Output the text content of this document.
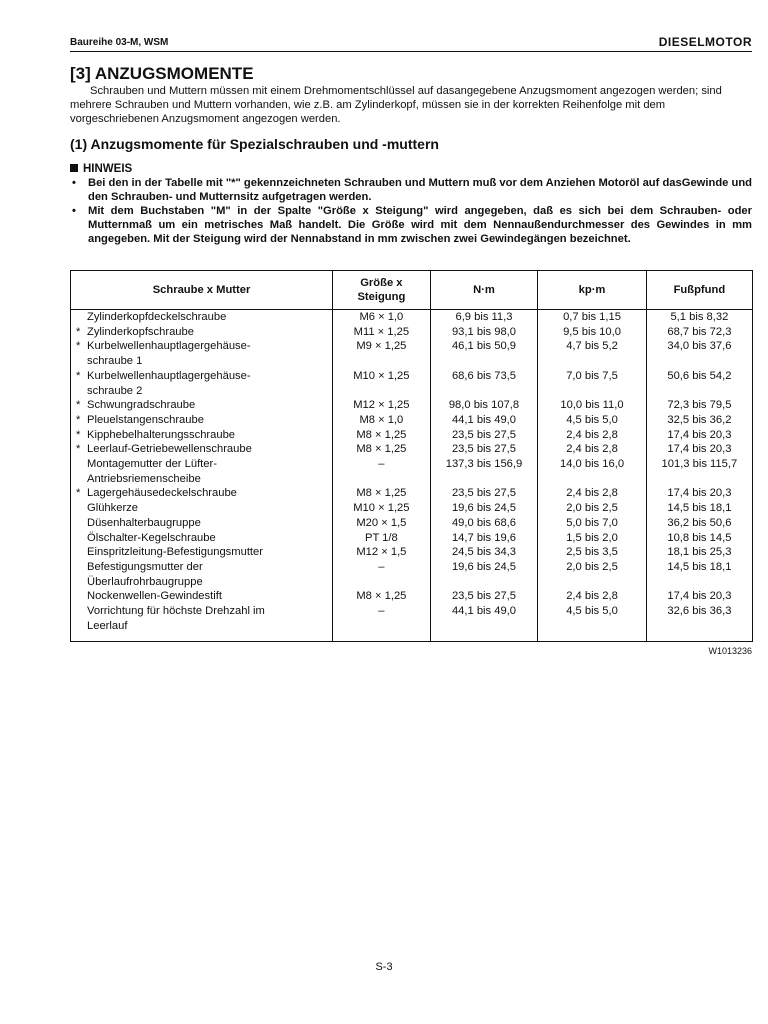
Baureihe 03-M, WSM	DIESELMOTOR
[3] ANZUGSMOMENTE

Schrauben und Muttern müssen mit einem Drehmomentschlüssel auf dasangegebene Anzugsmoment angezogen werden; sind mehrere Schrauben und Muttern vorhanden, wie z.B. am Zylinderkopf, müssen sie in der korrekten Reihenfolge mit dem vorgeschriebenen Anzugsmoment angezogen werden.

(1) Anzugsmomente für Spezialschrauben und -muttern
HINWEIS
• Bei den in der Tabelle mit "*" gekennzeichneten Schrauben und Muttern muß vor dem Anziehen Motoröl auf dasGewinde und den Schrauben- und Mutternsitz aufgetragen werden.
• Mit dem Buchstaben "M" in der Spalte "Größe x Steigung" wird angegeben, daß es sich bei dem Schrauben- oder Mutternmaß um ein metrisches Maß handelt. Die Größe wird mit dem Nennaußendurchmesser des Gewindes in mm angegeben. Mit der Steigung wird der Nennabstand in mm zwischen zwei Gewindegängen bezeichnet.
Schraube x Mutter	Größe x
Steigung	N·m	kp·m	Fußpfund

Zylinderkopfdeckelschraube	M6 × 1,0	6,9 bis 11,3	0,7 bis 1,15	5,1 bis 8,32

* Zylinderkopfschraube	M11 × 1,25	93,1 bis 98,0	9,5 bis 10,0	68,7 bis 72,3

* Kurbelwellenhauptlagergehäuse-
schraube 1	M9 × 1,25	46,1 bis 50,9	4,7 bis 5,2	34,0 bis 37,6

* Kurbelwellenhauptlagergehäuse-
schraube 2	M10 × 1,25	68,6 bis 73,5	7,0 bis 7,5	50,6 bis 54,2

* Schwungradschraube	M12 × 1,25	98,0 bis 107,8	10,0 bis 11,0	72,3 bis 79,5

* Pleuelstangenschraube	M8 × 1,0	44,1 bis 49,0	4,5 bis 5,0	32,5 bis 36,2

* Kipphebelhalterungsschraube	M8 × 1,25	23,5 bis 27,5	2,4 bis 2,8	17,4 bis 20,3

* Leerlauf-Getriebewellenschraube	M8 × 1,25	23,5 bis 27,5	2,4 bis 2,8	17,4 bis 20,3

Montagemutter der Lüfter-
Antriebsriemenscheibe	–	137,3 bis 156,9	14,0 bis 16,0	101,3 bis 115,7

* Lagergehäusedeckelschraube	M8 × 1,25	23,5 bis 27,5	2,4 bis 2,8	17,4 bis 20,3

Glühkerze	M10 × 1,25	19,6 bis 24,5	2,0 bis 2,5	14,5 bis 18,1

Düsenhalterbaugruppe	M20 × 1,5	49,0 bis 68,6	5,0 bis 7,0	36,2 bis 50,6

Ölschalter-Kegelschraube	PT 1/8	14,7 bis 19,6	1,5 bis 2,0	10,8 bis 14,5

Einspritzleitung-Befestigungsmutter	M12 × 1,5	24,5 bis 34,3	2,5 bis 3,5	18,1 bis 25,3

Befestigungsmutter der
Überlaufrohrbaugruppe	–	19,6 bis 24,5	2,0 bis 2,5	14,5 bis 18,1

Nockenwellen-Gewindestift	M8 × 1,25	23,5 bis 27,5	2,4 bis 2,8	17,4 bis 20,3

Vorrichtung für höchste Drehzahl im
Leerlauf	–	44,1 bis 49,0	4,5 bis 5,0	32,6 bis 36,3

W1013236
S-3
